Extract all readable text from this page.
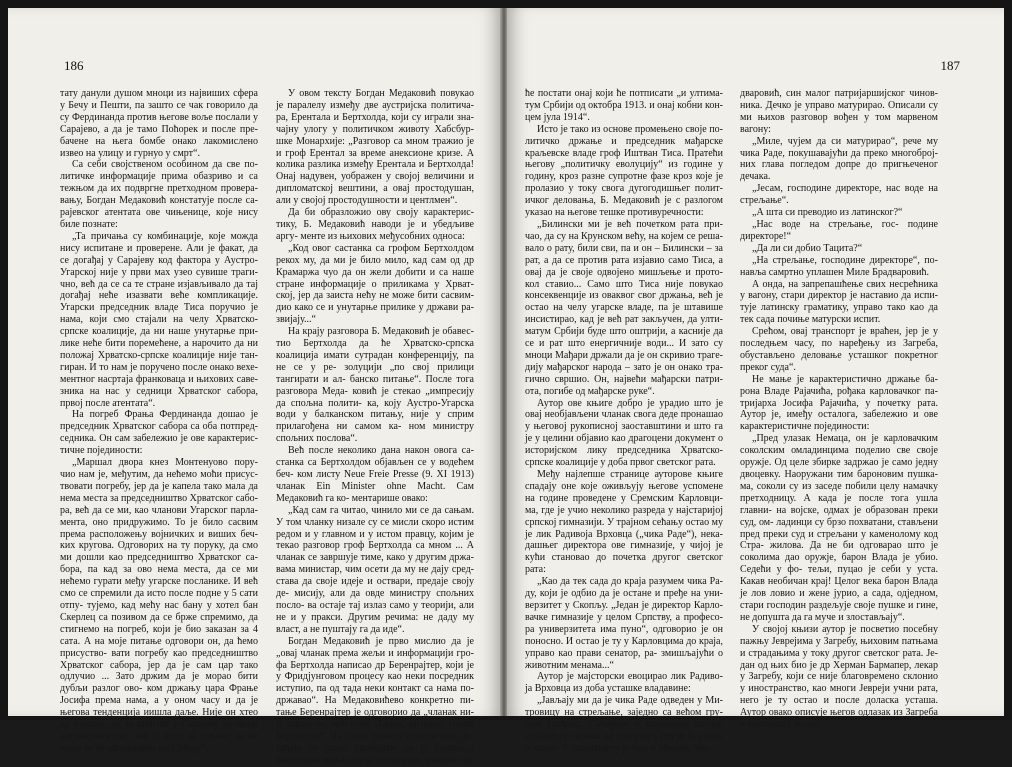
186

тату данули душом мноци из највиших сфера у Бечу и Пешти, па зашто се чак говорило да су Фердинанда против његове воље послали у Сарајево, а да је тамо Поћорек и после пре- бачене на њега бомбе онако лакомислено извео на улицу и гурнуо у смрт“.

Са себи својственом особином да све по- литичке информације прима обазриво и са тежњом да их подвргне претходном провера- вању, Богдан Медаковић констатује после са- рајевског атентата ове чињенице, које нису биле познате:

„Та причања су комбинације, које можда нису испитане и проверене. Али је факат, да се догађај у Сарајеву код фактора у Аустро- Угарској није у први мах узео сувише траги- чно, већ да се са те стране изјављивало да тај догађај неће изазвати веће компликације. Угарски председник владе Тиса поручио је нама, који смо стајали на челу Хрватско- српске коалиције, да ни наше унутарње при- лике неће бити поремећене, а нарочито да ни положај Хрватско-српске коалиције није тан- гиран. И то нам је поручено после онако вехе- ментног насртаја франковаца и њихових саве- зника на нас у седници Хрватског сабора, првој после атентата“.

На погреб Фрања Фердинанда дошао је председник Хрватског сабора са оба потпред- седника. Он сам забележио је ове карактерис- тичне појединости:

„Маршал двора кнез Монтенуово пору- чио нам је, међутим, да нећемо моћи присус- твовати погребу, јер да је капела тако мала да нема места за председништво Хрватског сабо- ра, већ да се ми, као чланови Угарског парла- мента, оно придружимо. То је било сасвим према расположењу војничких и виших беч- ких кругова. Одговорих на ту поруку, да смо ми дошли као председништво Хрватског са- бора, па кад за ово нема места, да се ми нећемо гурати међу угарске посланике. И већ смо се спремили да исто после подне у 5 сати отпу- тујемо, кад мећу нас бану у хотел бан Скерлец са позивом да се брже спремимо, да стигнемо на погреб, који је био заказан за 4 сата. А на моје питање одговори он, да ћемо присуство- вати погребу као председништво Хрватског сабора, јер да је сам цар тако одлучио ... Зато држим да је морао бити дубљи разлог ово- ком држању цара Фрање Јосифа према нама, а у оном часу и да је његова тенденција иишла даље. Није он хтео да покаже, да за атентат у Сарајеву не чини одговорним нас, већ је хтео да покаже да не чини за то одговорном ни Србију“.

У овом тексту Богдан Медаковић повукао је паралелу између две аустријска политича- ра, Ерентала и Бертхолда, који су играли зна- чајну улогу у политичком животу Хабсбур- шке Монархије: „Разговор са мном тражио је и гроф Ерентал за време анексионе кризе. А колика разлика између Ерентала и Бертхолда! Онај надувен, уображен у својој величини и дипломатској вештини, а овај простодушан, али у својој простодушности и центлмен“.

Да би образложио ову своју карактерис- тику, Б. Медаковић наводи је и убедљиве аргу- менте из њихових међусобних односа:

„Код овог састанка са грофом Бертхолдом рекох му, да ми је било мило, кад сам од др Крамаржа чуо да он жели добити и са наше стране информације о приликама у Хрват- ској, јер да заиста нећу не може бити сасвим- дио како се и унутарње прилике у држави ра- звијају...“

На крају разговора Б. Медаковић је обавес- тио Бертхолда да ће Хрватско-српска коалиција имати сутрадан конференцију, па не се у ре- золуцији „по свој прилици тангирати и ал- банско питање“. После тога разговора Меда- ковић је стекао „импресију да спољна полити- ка, коју Аустро-Угарска води у балканском питању, није у сприм прилагођена ни самом ка- ном министру спољних послова“.

Већ после неколико дана након овога са- станка са Бертхолдом објављен се у водећем беч- ком листу Neue Freie Presse (9. XI 1913) чланак Ein Minister ohne Macht. Сам Медаковић га ко- ментарише овако:

„Кад сам га читао, чинило ми се да сањам. У том чланку низале су се мисли скоро истим редом и у главном и у истом правцу, којим је текао разговор гроф Бертхолда са мном ... А чланак се завршује тиме, како у другим држа- вама министар, чим осети да му не дају сред- става да своје идеје и оствари, предаје своју де- мисију, али да овде министру спољних посло- ва остаје тај излаз само у теорији, али не и у пракси. Другим речима: не даду му власт, а не пуштају га да иде“.

Богдан Медаковић је прво мислио да је „овај чланак према жељи и информацији гро- фа Бертхолда написао др Беренрајтер, који је у Фридјунговом процесу као неки посредник иступио, па од тада неки контакт са нама по- државао“. На Медаковићево конкретно пи- тање Беренрајтер је одговорио да „чланак ни- је писао он, већ гроф Лицов, интимус грофа Бертхолда“. Из даљег развоја политичких до- гађаја се јасно сагледати да је Бертхолд постепено мењао своје политичко држање: он

187

ће постати онај који ће потписати „и ултима- тум Србији од октобра 1913. и онај кобни кон- цем јула 1914“.

Исто је тако из основе промењено своје по- литичко држање и председник мађарске краљевске владе гроф Иштван Тиса. Пратећи његову „политичку еволуцију“ из године у годину, кроз разне супротне фазе кроз које је пролазио у току свога дугогодишњег полит- ичког деловања, Б. Медаковић је с разлогом указао на његове тешке противуречности:

„Билински ми је већ почетком рата при- чао, да су на Крунском већу, на којем се реша- вало о рату, били сви, па и он – Билински – за рат, а да се против рата изјавио само Тиса, а овај да је своје одвојено мишљење и прото- кол ставио... Само што Тиса није повукао консеквенције из оваквог свог држања, већ је остао на челу угарске владе, па је штавише инсистирао, кад је већ рат закључен, да улти- матум Србији буде што оштрији, а касније да се и рат што енергичније води... И зато су мноци Мађари држали да је он скривио траге- дију мађарског народа – зато је он онако тра- гично свршио. Он, највећи мађарски патри- ота, погибе од мађарске руке“.

Аутор ове књиге добро је урадио што је овај необјављени чланак свога деде пронашао у његовој рукописној заоставштини и што га је у целини објавио као драгоцени документ о историјском лику председника Хрватско- српске коалиције у доба првог светског рата.

Међу најлепше странице ауторове књиге спадају оне које оживљују његове успомене на године проведене у Сремским Карловци- ма, где је учио неколико разреда у најстаријој српској гимназији. У трајном сећању остао му је лик Радивоја Врховца („чика Раде“), нека- дашњег директора ове гимназије, у чијој је кући становао до почетка другог светског рата:

„Као да тек сада до краја разумем чика Ра- ду, који је одбио да је остане и пређе на уни- верзитет у Скопљу. „Један је директор Карло- вачке гимназије у целом Српству, а професо- ра универзитета има пуно“, одговорио је он поносно. И остао је ту у Карловцима до краја, управо као прави сенатор, ра- змишљајући о животним менама...“

Аутор је мајсторски евоцирао лик Радиво- ја Врховца из доба усташке владавине:

„Јављају ми да је чика Раде одведен у Ми- тровицу на стрељање, заједно са већом гру- пом грађана. Сабијени у марвеном вагону, стајали су сатима на отвореној прузи без воде и хране. У транспорту је био и Милета Бра-

дваровић, син малог патријаршијског чинов- ника. Дечко је управо матурирао. Описали су ми њихов разговор вођен у том марвеном вагону:

„Миле, чујем да си матурирао“, рече му чика Раде, покушавајући да преко многоброј- них глава погледом допре до пригњеченог дечака.

„Јесам, господине директоре, нас воде на стрељање“.

„А шта си преводио из латинског?“

„Нас воде на стрељање, гос- подине директоре!“

„Да ли си добио Тацита?“

„На стрељање, господине директоре“, по- навља самртно уплашен Миле Брадваровић.

А онда, на запрепашћење свих несрећника у вагону, стари директор је наставио да испи- тује латинску граматику, управо тако као да тек сада почиње матурски испит.

Срећом, овај транспорт је враћен, јер је у последњем часу, по наређењу из Загреба, обустављено деловање усташког покретног преког суда“.

Не мање је карактеристично држање ба- рона Владе Рајачића, рођака карловачког па- тријарха Јосифа Рајачића, у почетку рата. Аутор је, имеђу осталога, забележио и ове карактеристичне појединости:

„Пред улазак Немаца, он је карловачким соколским омладинцима поделио све своје оружје. Од целе збирке задржао је само једну двоцевку. Наоружани тим бароновим пушка- ма, соколи су из заседе побили целу намачку претходницу. А када је после тога ушла главни- на војске, одмах је образован преки суд, ом- ладинци су брзо похватани, стављени пред преки суд и стрељани у каменолому код Стра- жилова. Да не би одговарао што је соколима дао оружје, барон Влада је убио. Седећи у фо- тељи, пуцао је себи у уста. Какав необичан крај! Целог века барон Влада је лов ловио и жене јурио, а сада, одједном, стари господин раздељује своје пушке и гине, не допушта да га муче и злостављају“.

У својој књизи аутор је посветио посебну пажњу Јеврејима у Загребу, њиховим патњама и страдањима у току другог светског рата. Је- дан од њих био је др Херман Бармапер, лекар у Загребу, који се није благовремено склонио у иностранство, као многи Јевреји учни рата, него је ту остао и после доласка усташа. Аутор овако описује његов одлазак из Загреба и растанак с њиме:
